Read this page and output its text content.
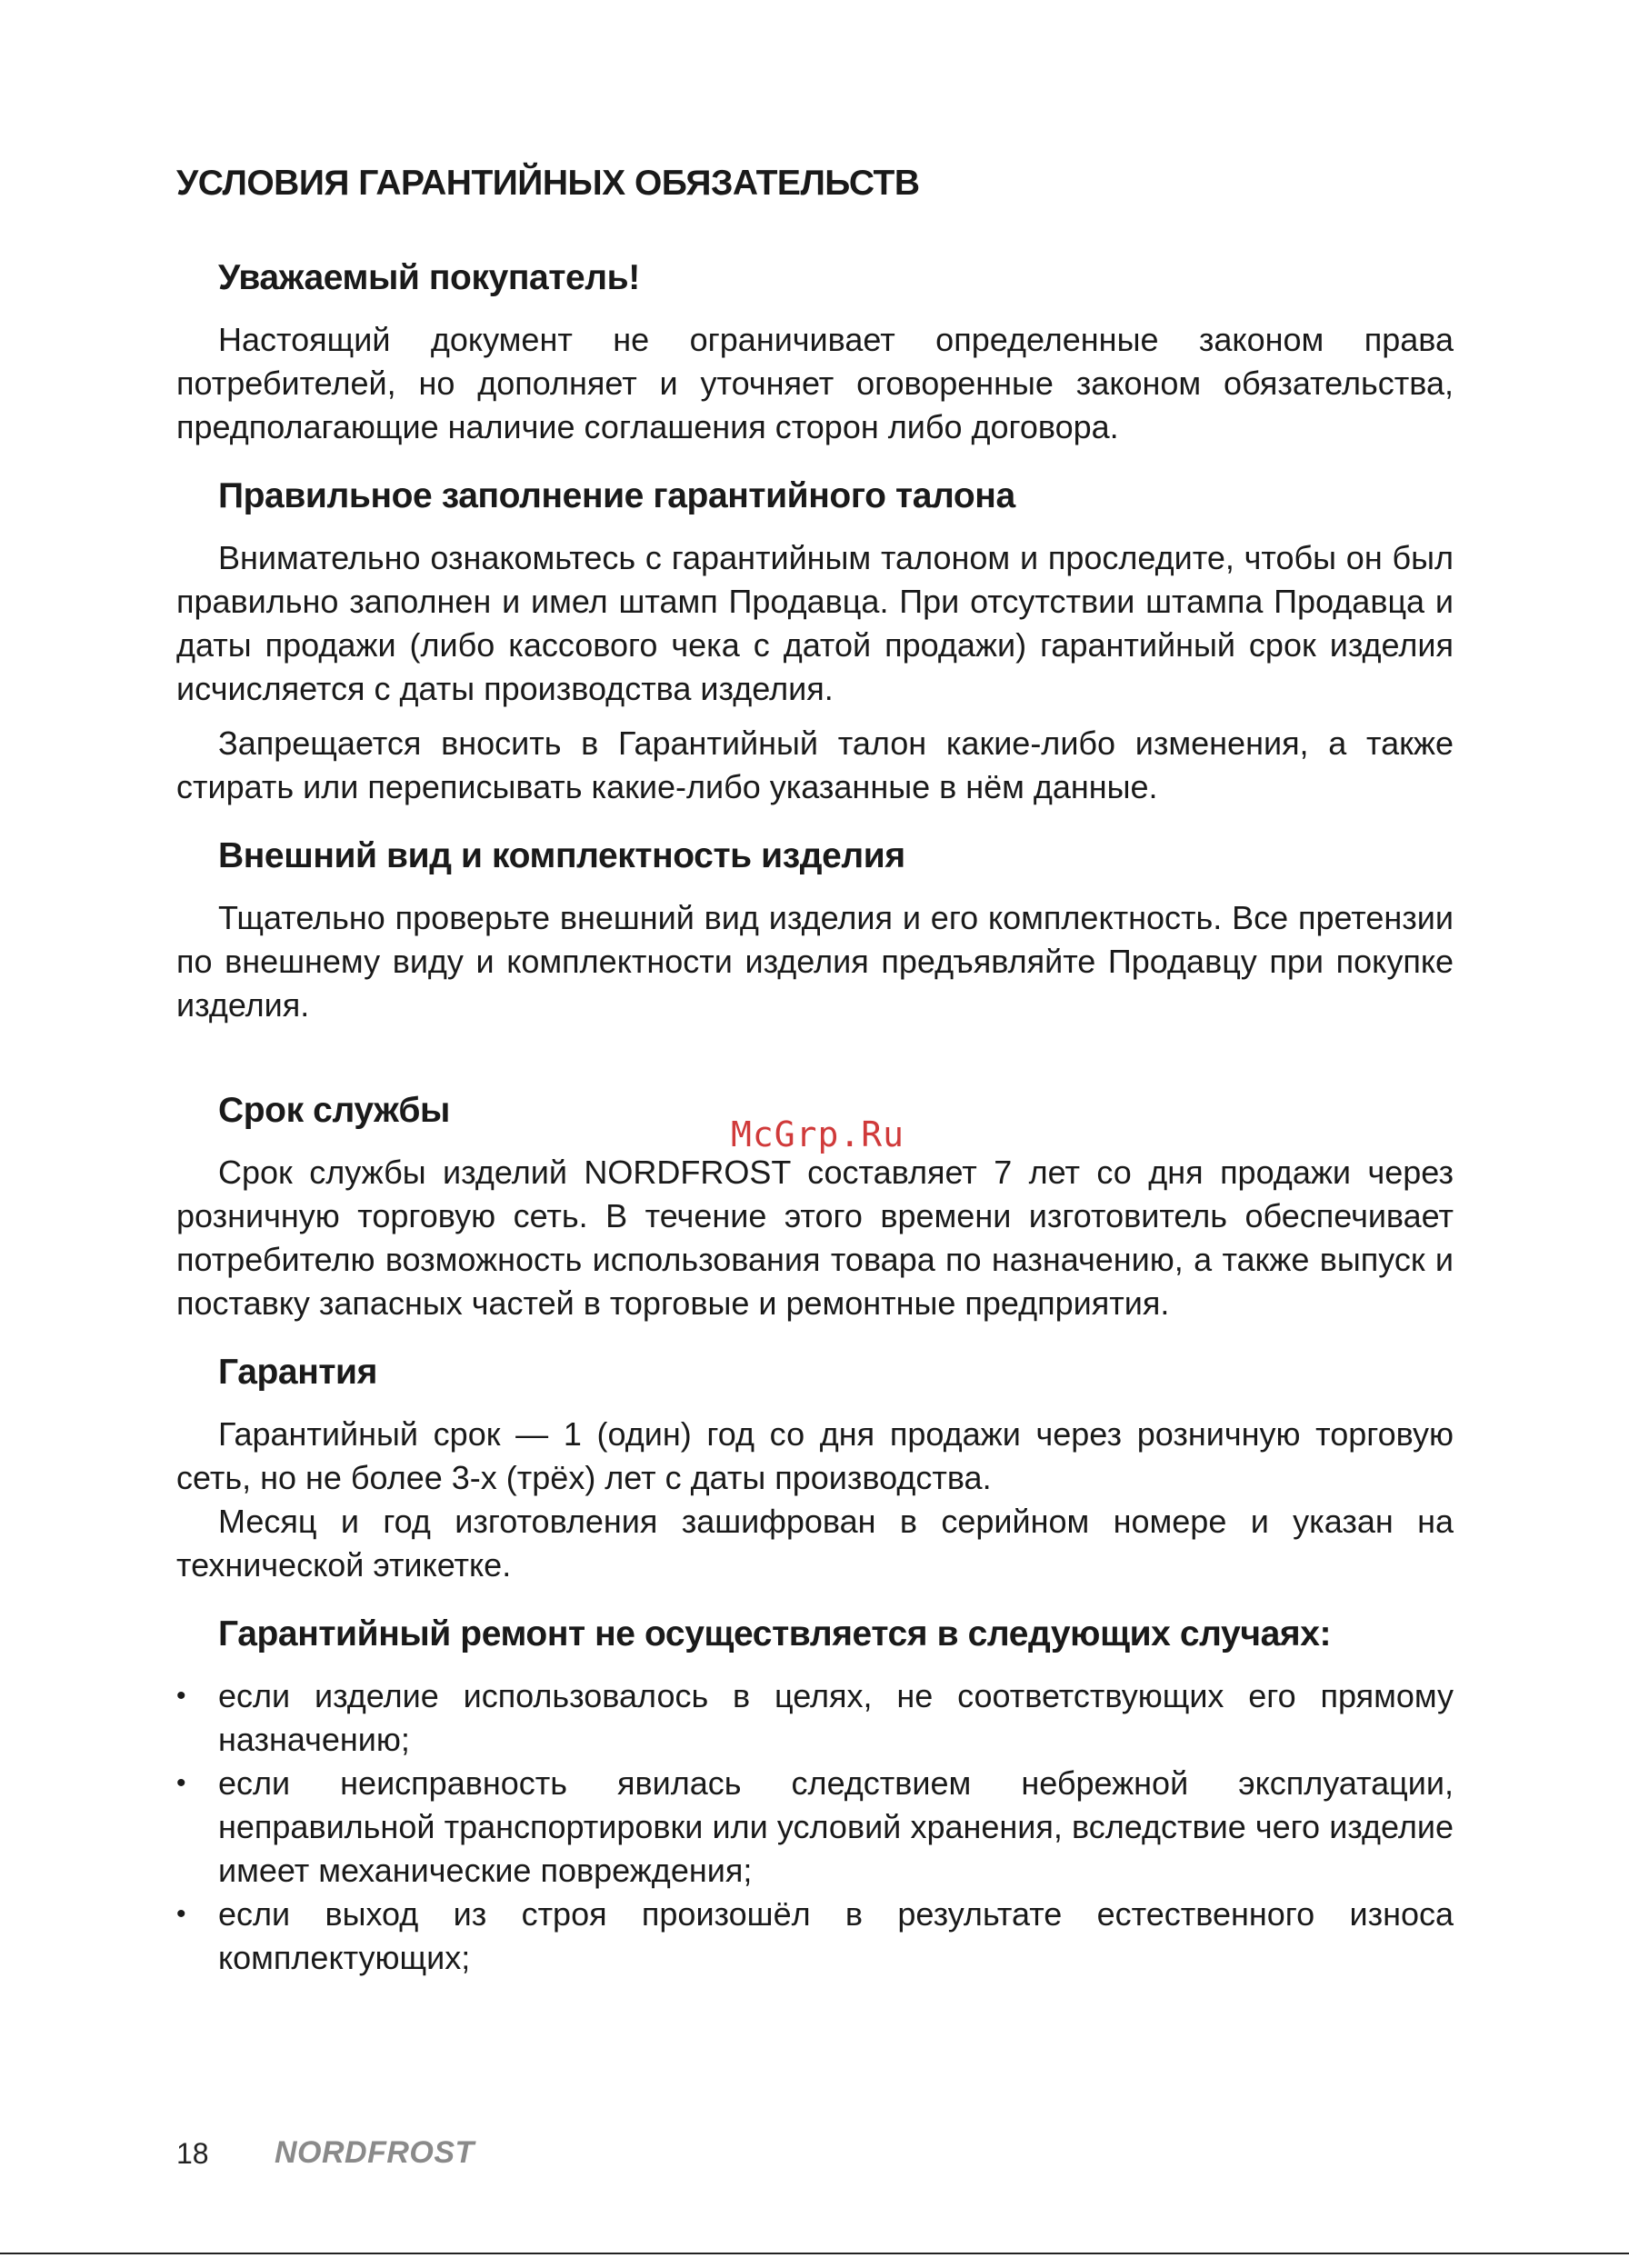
УСЛОВИЯ ГАРАНТИЙНЫХ ОБЯЗАТЕЛЬСТВ
Уважаемый покупатель!

Настоящий документ не ограничивает определенные законом права потребителей, но дополняет и уточняет оговоренные законом обязательства, предполагающие наличие соглашения сторон либо договора.

Правильное заполнение гарантийного талона

Внимательно ознакомьтесь с гарантийным талоном и проследите, чтобы он был правильно заполнен и имел штамп Продавца. При отсутствии штампа Продавца и даты продажи (либо кассового чека с датой продажи) гарантийный срок изделия исчисляется с даты производства изделия.

Запрещается вносить в Гарантийный талон какие-либо изменения, а также стирать или переписывать какие-либо указанные в нём данные.

Внешний вид и комплектность изделия

Тщательно проверьте внешний вид изделия и его комплектность. Все претензии по внешнему виду и комплектности изделия предъявляйте Продавцу при покупке изделия.

Срок службы

Срок службы изделий NORDFROST составляет 7 лет со дня продажи через розничную торговую сеть. В течение этого времени изготовитель обеспечивает потребителю возможность использования товара по назначению, а также выпуск и поставку запасных частей в торговые и ремонтные предприятия.

Гарантия

Гарантийный срок — 1 (один) год со дня продажи через розничную торговую сеть, но не более 3-х (трёх) лет с даты производства.

Месяц и год изготовления зашифрован в серийном номере и указан на технической этикетке.

Гарантийный ремонт не осуществляется в следующих случаях:
• если изделие использовалось в целях, не соответствующих его прямому назначению;
• если неисправность явилась следствием небрежной эксплуатации, неправильной транспортировки или условий хранения, вследствие чего изделие имеет механические повреждения;
• если выход из строя произошёл в результате естественного износа комплектующих;
McGrp.Ru
18 NORDFROST
